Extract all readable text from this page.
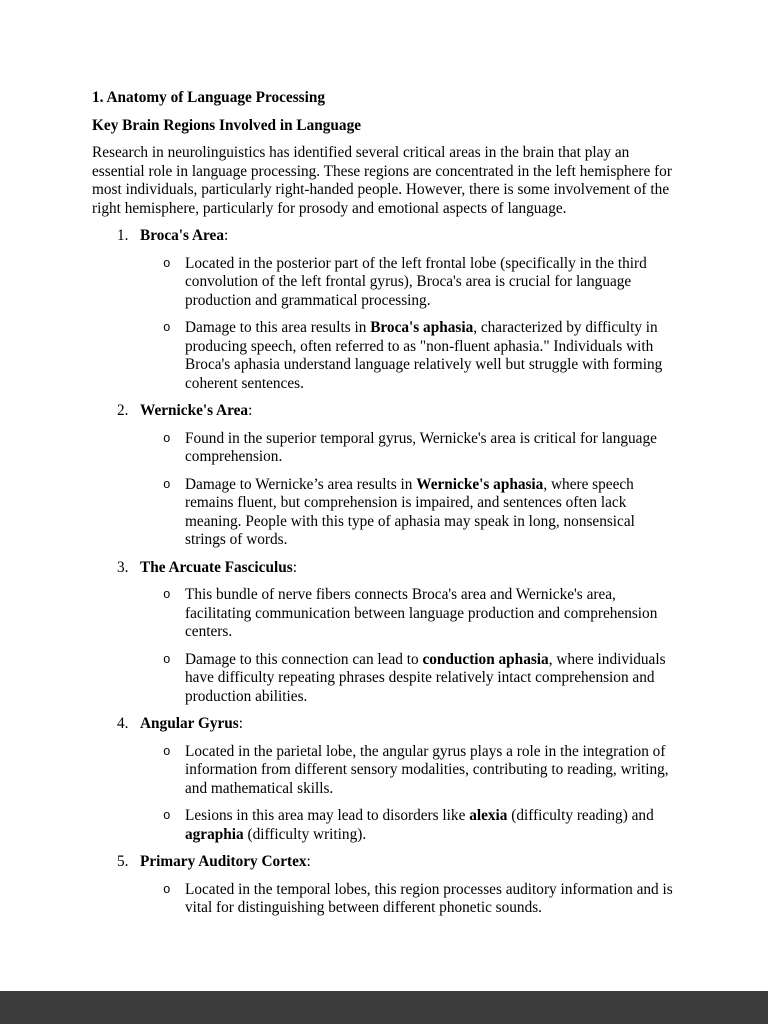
1. Anatomy of Language Processing

Key Brain Regions Involved in Language

Research in neurolinguistics has identified several critical areas in the brain that play an essential role in language processing. These regions are concentrated in the left hemisphere for most individuals, particularly right-handed people. However, there is some involvement of the right hemisphere, particularly for prosody and emotional aspects of language.

1. Broca's Area:
o Located in the posterior part of the left frontal lobe (specifically in the third convolution of the left frontal gyrus), Broca's area is crucial for language production and grammatical processing.
o Damage to this area results in Broca's aphasia, characterized by difficulty in producing speech, often referred to as "non-fluent aphasia." Individuals with Broca's aphasia understand language relatively well but struggle with forming coherent sentences.
2. Wernicke's Area:
o Found in the superior temporal gyrus, Wernicke's area is critical for language comprehension.
o Damage to Wernicke’s area results in Wernicke's aphasia, where speech remains fluent, but comprehension is impaired, and sentences often lack meaning. People with this type of aphasia may speak in long, nonsensical strings of words.
3. The Arcuate Fasciculus:
o This bundle of nerve fibers connects Broca's area and Wernicke's area, facilitating communication between language production and comprehension centers.
o Damage to this connection can lead to conduction aphasia, where individuals have difficulty repeating phrases despite relatively intact comprehension and production abilities.
4. Angular Gyrus:
o Located in the parietal lobe, the angular gyrus plays a role in the integration of information from different sensory modalities, contributing to reading, writing, and mathematical skills.
o Lesions in this area may lead to disorders like alexia (difficulty reading) and agraphia (difficulty writing).
5. Primary Auditory Cortex:
o Located in the temporal lobes, this region processes auditory information and is vital for distinguishing between different phonetic sounds.
